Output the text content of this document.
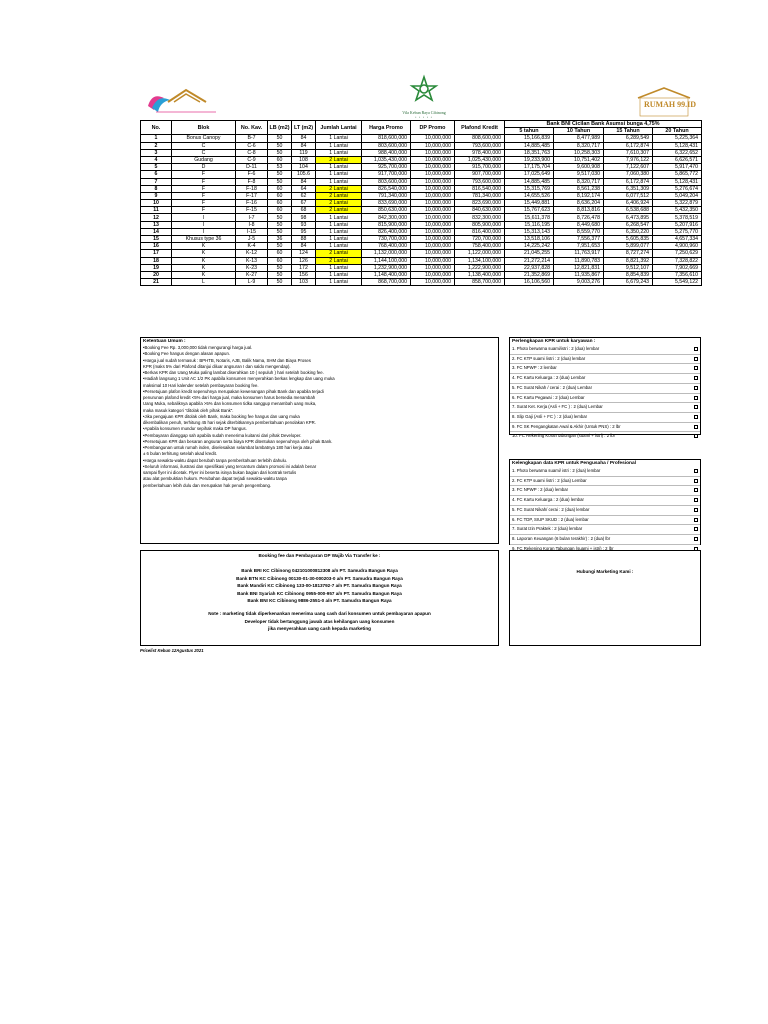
Vila Kebun Raya Cibinong
• • • • •
RUMAH 99.ID
No.	Blok	No. Kav.	LB (m2)	LT (m2)	Jumlah Lantai	Harga Promo	DP Promo	Plafond Kredit	Bank BNI Cicilan Bank Asumsi bunga 4,75%			
									5 tahun	10 Tahun	15 Tahun	20 Tahun
1	Bonus Canopy	B-7	50	84	1 Lantai	818,600,000	10,000,000	808,600,000	15,166,839	8,477,989	6,289,549	5,225,364
2	C	C-6	50	84	1 Lantai	803,600,000	10,000,000	793,600,000	14,885,485	8,320,717	6,172,874	5,128,431
3	C	C-8	50	119	1 Lantai	988,400,000	10,000,000	978,400,000	18,351,763	10,258,303	7,610,307	6,322,652
4	Gudang	C-9	60	108	2 Lantai	1,035,430,000	10,000,000	1,025,430,000	19,233,900	10,751,402	7,976,122	6,626,571
5	D	D-11	53	104	1 Lantai	925,700,000	10,000,000	915,700,000	17,175,704	9,600,908	7,122,607	5,917,470
6	F	F-6	50	105.6	1 Lantai	917,700,000	10,000,000	907,700,000	17,025,649	9,517,030	7,060,380	5,865,772
7	F	F-8	50	84	1 Lantai	803,600,000	10,000,000	793,600,000	14,885,485	8,320,717	6,172,874	5,128,431
8	F	F-18	60	64	2 Lantai	826,540,000	10,000,000	816,540,000	15,315,769	8,561,238	6,351,309	5,276,674
9	F	F-17	60	62	2 Lantai	791,340,000	10,000,000	781,340,000	14,655,526	8,192,174	6,077,512	5,049,204
10	F	F-16	60	67	2 Lantai	833,690,000	10,000,000	823,690,000	15,449,881	8,636,204	6,406,924	5,322,879
11	F	F-15	60	68	2 Lantai	850,630,000	10,000,000	840,630,000	15,767,623	8,813,816	6,538,688	5,432,350
12	I	I-7	50	98	1 Lantai	842,300,000	10,000,000	832,300,000	15,611,378	8,726,478	6,473,895	5,378,519
13	I	I-8	50	93	1 Lantai	815,900,000	10,000,000	805,900,000	15,116,195	8,449,680	6,268,547	5,207,916
14	I	I-15	50	95	1 Lantai	826,400,000	10,000,000	816,400,000	15,313,143	8,559,770	6,350,220	5,275,770
15	Khusus type 36	J-5	36	88	1 Lantai	730,700,000	10,000,000	720,700,000	13,518,106	7,556,377	5,605,835	4,657,334
16	K	K-4	50	84	1 Lantai	768,400,000	10,000,000	758,400,000	14,225,242	7,951,653	5,899,077	4,900,960
17	K	K-12	60	124	2 Lantai	1,132,000,000	10,000,000	1,122,000,000	21,045,255	11,763,917	8,727,274	7,250,629
18	K	K-13	60	126	2 Lantai	1,144,100,000	10,000,000	1,134,100,000	21,272,214	11,890,783	8,821,392	7,328,822
19	K	K-23	50	172	1 Lantai	1,232,900,000	10,000,000	1,222,900,000	22,937,828	12,821,831	9,512,107	7,902,669
20	K	K-27	50	156	1 Lantai	1,148,400,000	10,000,000	1,138,400,000	21,352,869	11,935,867	8,854,839	7,356,610
21	L	L-9	50	103	1 Lantai	868,700,000	10,000,000	858,700,000	16,106,560	9,003,276	6,679,243	5,549,122
Ketentuan Umum :
•Booking Fee Rp. 3,000,000 tidak mengurangi harga jual.
•Booking Fee hangus dengan alasan apapun.
•Harga jual sudah termasuk : BPHTB, Notaris, AJB, Balik Nama, SHM dan Biaya Proses
KPR (maks 5% dari Plafond ditanjui diluar angsuran I dan saldo mengendap).
•Berkas KPR dan Uang Muka paling lambat diserahkan 10 ( sepuluh ) hari setelah booking fee.
•Hadiah langsung 1 Unit AC 1/2 PK apabila konsumen menyerahkan berkas lengkap dan uang muka
maksimal 10 Hari kalender setelah pembayaran booking fee.
•Persetujuan plafon kredit sepenuhnya merupakan kewenangan pihak Bank dan apabila terjadi
penurunan plafond kredit <5% dari harga jual, maka konsumen harus bersedia menambah
Uang Muka, sebaliknya apabila >5% dan konsumen tidka sanggup menambah uang muka,
maka masuk kategori "ditolak oleh pihak Bank".
•Jika pengajuan KPR ditolak oleh Bank, maka booking fee hangus dan uang muka
dikembalikan penuh, terhitung 45 hari sejak diterbitkannya pemberitahuan penolakan KPR.
•Apabila konsumen mundur sepihak maka DP hangus.
•Pembayaran dianggap sah apabila sudah menerima kuitansi dari pihak Developer.
•Persetujuan KPR dan besaran angsuran serta biaya KPR ditentukan sepenuhnya oleh pihak Bank.
•Pembangunan untuk rumah inden, diselesaikan selambat lambatnya 180 hari kerja atau
± 6 bulan terhitung setelah akad kredit.
•Harga sewaktu-waktu dapat berubah tanpa pemberitahuan terlebih dahulu.
•Seluruh informasi, ilustrasi dan spesifikasi yang tercantum dalam promosi ini adalah benar
sampai flyer ini dicetak. Flyer ini beserta isinya bukan bagian dari kontrak tertulis
atau alat pembuktian hukum. Perubahan dapat terjadi sewaktu-waktu tanpa
pemberitahuan lebih dulu dan merupakan hak penuh pengembang.
Perlengkapan KPR untuk karyawan :
1. Photo berwarna suami/istri : 2 (dua) lembar
2. FC KTP suami /istri : 2 (dua) lembar
3. FC NPWP : 2 lembar
4. FC Kartu Keluarga : 2 (dua) Lembar
5. FC Surat Nikah / cerai : 2 (dua) Lembar
6. FC Kartu Pegawai : 2 (dua) Lembar
7. Surat Ket. Kerja (Asli + FC ) : 2 (dua) Lembar
8. Slip Gaji (Asli + FC ) : 2 (dua) lembar
9. FC SK Pengangkatan Awal & Akhir (Untuk PNS) : 2 lbr
10. FC Rekening Koran tabungan (suami + istri) : 2 lbr
Kelengkapan data KPR untuk Pengusaha / Profesional
1. Photo berwarna suami/ istri : 2 (dua) lembar
2. FC KTP suami /istri : 2 (dua) Lembar
3. FC NPWP : 2 (dua) lembar
4. FC Kartu Keluarga : 2 (dua) lembar
5. FC Surat Nikah/ cerai : 2 (dua) lembar
6. FC TDP, SIUP SKUD : 2 (dua) lembar
7. Surat Izin Praktek : 2 (dua) lembar
8. Laporan Keuangan (6 bulan terakhir) : 2 (dua) lbr
9. FC Rekening Koran Tabungan (suami + istri) : 2 lbr
Booking fee dan Pembayaran DP Wajib Via Transfer ke :
Bank BRI KC Cibinong 042101000812308 a/n PT. Samudra Bangun Raya
Bank BTN KC Cibinong 00130-01-30-000203-0 a/n PT. Samudra Bangun Raya
Bank Mandiri KC Cibinong 133-00-1813792-7 a/n PT. Samudra Bangun Raya
Bank BNI Syariah KC Cibinong 0955-000-957 a/n PT. Samudra Bangun Raya
Bank BNI KC Cibinong 9886-2551-0 a/n PT. Samudra Bangun Raya
Note : marketing tidak diperkenankan menerima uang cash dari konsumen untuk pembayaran apapun
Developer tidak bertanggung jawab atas kehilangan uang konsumen
jika menyerahkan uang cash kepada marketing
Hubungi Marketing Kami :
Pricelist Kebun 12Agustus 2021
